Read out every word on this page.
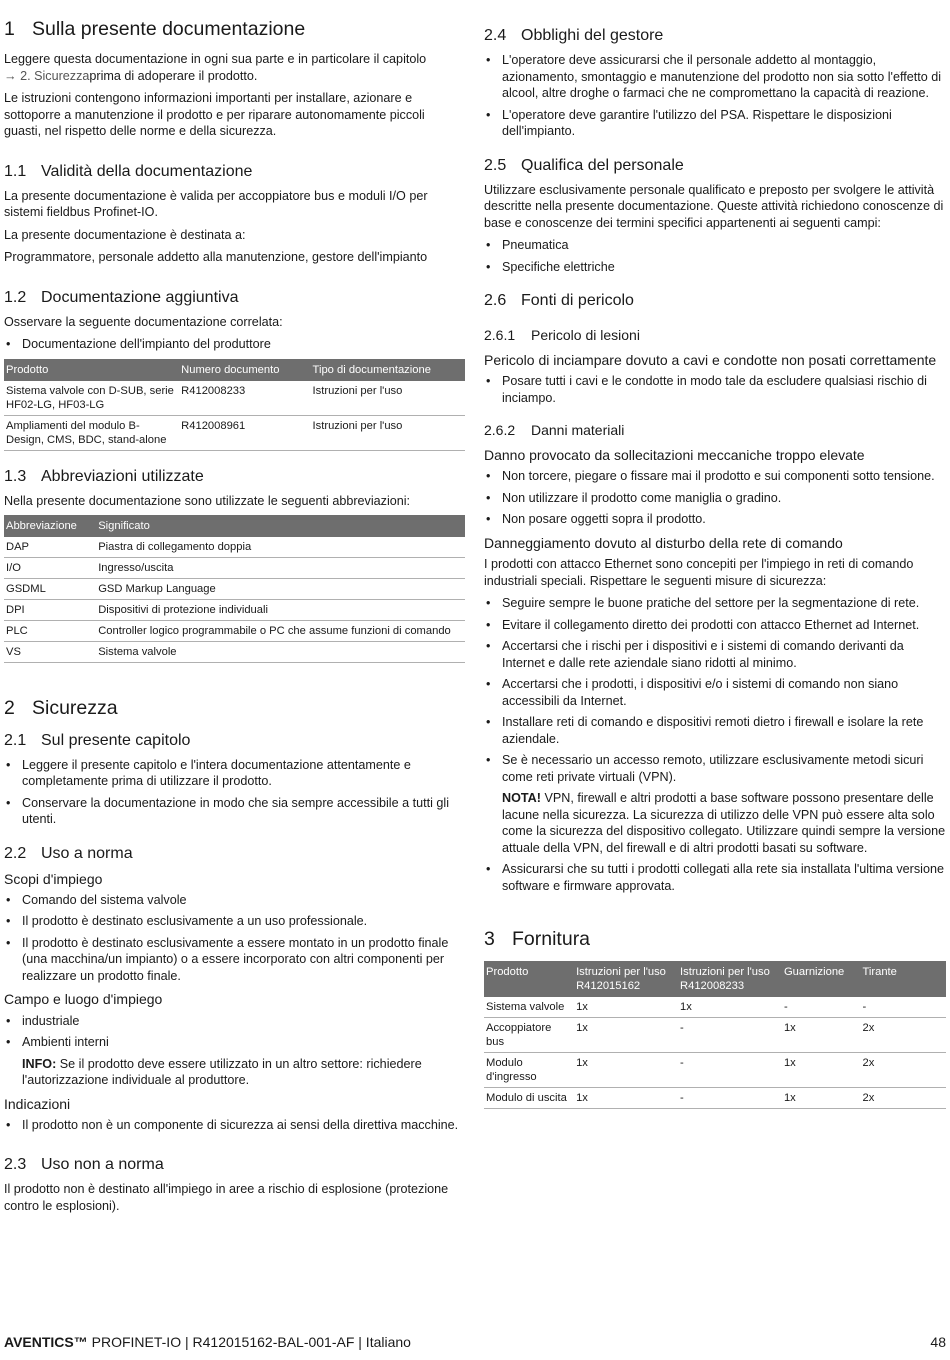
1 Sulla presente documentazione

Leggere questa documentazione in ogni sua parte e in particolare il capitolo
→ 2. Sicurezzaprima di adoperare il prodotto.

Le istruzioni contengono informazioni importanti per installare, azionare e sottoporre a manutenzione il prodotto e per riparare autonomamente piccoli guasti, nel rispetto delle norme e della sicurezza.

1.1 Validità della documentazione

La presente documentazione è valida per accoppiatore bus e moduli I/O per sistemi fieldbus Profinet-IO.

La presente documentazione è destinata a:

Programmatore, personale addetto alla manutenzione, gestore dell'impianto

1.2 Documentazione aggiuntiva

Osservare la seguente documentazione correlata:

• Documentazione dell'impianto del produttore
Prodotto	Numero documento	Tipo di documentazione
Sistema valvole con D-SUB, serie HF02-LG, HF03-LG	R412008233	Istruzioni per l'uso
Ampliamenti del modulo B-Design, CMS, BDC, stand-alone	R412008961	Istruzioni per l'uso
1.3 Abbreviazioni utilizzate

Nella presente documentazione sono utilizzate le seguenti abbreviazioni:

Abbreviazione	Significato
DAP	Piastra di collegamento doppia
I/O	Ingresso/uscita
GSDML	GSD Markup Language
DPI	Dispositivi di protezione individuali
PLC	Controller logico programmabile o PC che assume funzioni di comando
VS	Sistema valvole
2 Sicurezza
2.1 Sul presente capitolo
• Leggere il presente capitolo e l'intera documentazione attentamente e completamente prima di utilizzare il prodotto.
• Conservare la documentazione in modo che sia sempre accessibile a tutti gli utenti.
2.2 Uso a norma
Scopi d'impiego
• Comando del sistema valvole
• Il prodotto è destinato esclusivamente a un uso professionale.
• Il prodotto è destinato esclusivamente a essere montato in un prodotto finale (una macchina/un impianto) o a essere incorporato con altri componenti per realizzare un prodotto finale.
Campo e luogo d'impiego
• industriale
• Ambienti interni
INFO: Se il prodotto deve essere utilizzato in un altro settore: richiedere l'autorizzazione individuale al produttore.
Indicazioni
• Il prodotto non è un componente di sicurezza ai sensi della direttiva macchine.
2.3 Uso non a norma

Il prodotto non è destinato all'impiego in aree a rischio di esplosione (protezione contro le esplosioni).

2.4 Obblighi del gestore
• L'operatore deve assicurarsi che il personale addetto al montaggio, azionamento, smontaggio e manutenzione del prodotto non sia sotto l'effetto di alcool, altre droghe o farmaci che ne compromettano la capacità di reazione.
• L'operatore deve garantire l'utilizzo del PSA. Rispettare le disposizioni dell'impianto.
2.5 Qualifica del personale

Utilizzare esclusivamente personale qualificato e preposto per svolgere le attività descritte nella presente documentazione. Queste attività richiedono conoscenze di base e conoscenze dei termini specifici appartenenti ai seguenti campi:

• Pneumatica
• Specifiche elettriche
2.6 Fonti di pericolo
2.6.1 Pericolo di lesioni
Pericolo di inciampare dovuto a cavi e condotte non posati correttamente
• Posare tutti i cavi e le condotte in modo tale da escludere qualsiasi rischio di inciampo.
2.6.2 Danni materiali
Danno provocato da sollecitazioni meccaniche troppo elevate
• Non torcere, piegare o fissare mai il prodotto e sui componenti sotto tensione.
• Non utilizzare il prodotto come maniglia o gradino.
• Non posare oggetti sopra il prodotto.
Danneggiamento dovuto al disturbo della rete di comando

I prodotti con attacco Ethernet sono concepiti per l'impiego in reti di comando industriali speciali. Rispettare le seguenti misure di sicurezza:

• Seguire sempre le buone pratiche del settore per la segmentazione di rete.
• Evitare il collegamento diretto dei prodotti con attacco Ethernet ad Internet.
• Accertarsi che i rischi per i dispositivi e i sistemi di comando derivanti da Internet e dalle rete aziendale siano ridotti al minimo.
• Accertarsi che i prodotti, i dispositivi e/o i sistemi di comando non siano accessibili da Internet.
• Installare reti di comando e dispositivi remoti dietro i firewall e isolare la rete aziendale.
• Se è necessario un accesso remoto, utilizzare esclusivamente metodi sicuri come reti private virtuali (VPN).
NOTA! VPN, firewall e altri prodotti a base software possono presentare delle lacune nella sicurezza. La sicurezza di utilizzo delle VPN può essere alta solo come la sicurezza del dispositivo collegato. Utilizzare quindi sempre la versione attuale della VPN, del firewall e di altri prodotti basati su software.
• Assicurarsi che su tutti i prodotti collegati alla rete sia installata l'ultima versione software e firmware approvata.
3 Fornitura
Prodotto	Istruzioni per l'uso R412015162	Istruzioni per l'uso R412008233	Guarnizione	Tirante
Sistema valvole	1x	1x	-	-
Accoppiatore bus	1x	-	1x	2x
Modulo d'ingresso	1x	-	1x	2x
Modulo di uscita	1x	-	1x	2x
AVENTICS™ PROFINET-IO | R412015162-BAL-001-AF | Italiano	48
